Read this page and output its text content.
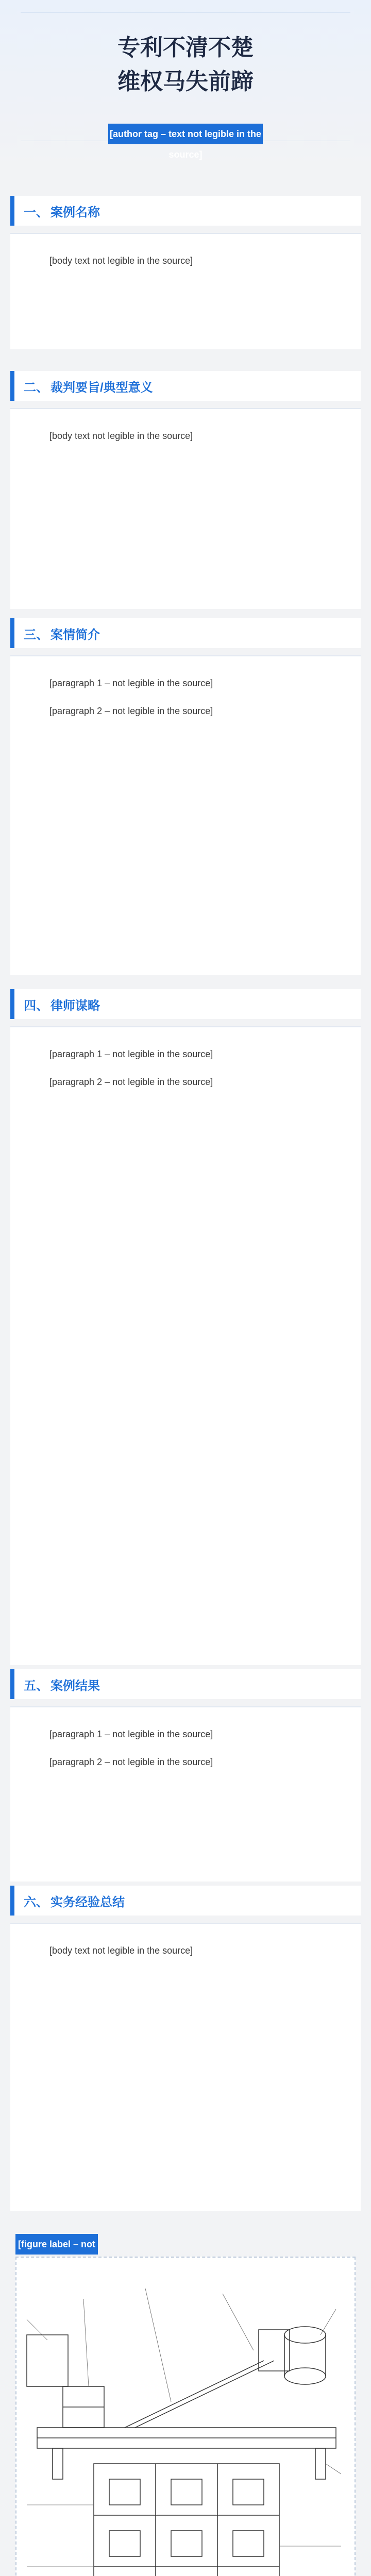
专利不清不楚
维权马失前蹄
[author tag – text not legible in the source]
一、 案例名称

[body text not legible in the source]

二、 裁判要旨/典型意义

[body text not legible in the source]

三、 案情简介

[paragraph 1 – not legible in the source]

[paragraph 2 – not legible in the source]

四、 律师谋略

[paragraph 1 – not legible in the source]

[paragraph 2 – not legible in the source]

五、 案例结果

[paragraph 1 – not legible in the source]

[paragraph 2 – not legible in the source]

六、 实务经验总结

[body text not legible in the source]

[figure label – not
